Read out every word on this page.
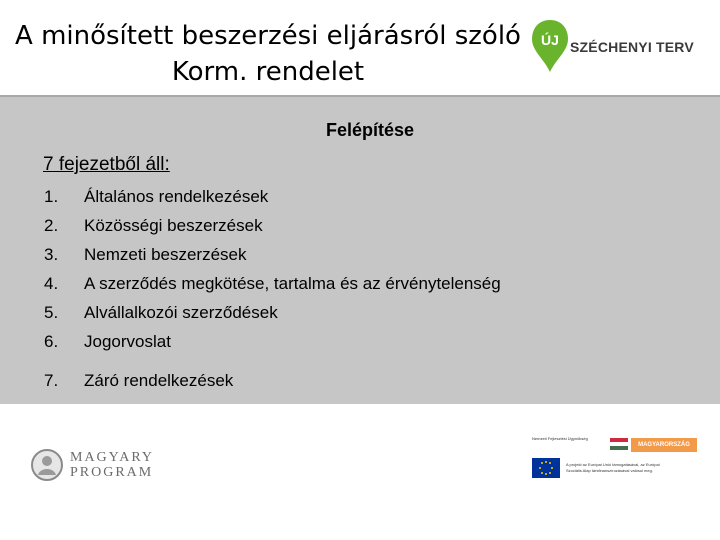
A minősített beszerzési eljárásról szóló
Korm. rendelet
ÚJ SZÉCHENYI TERV
Felépítése
7 fejezetből áll:
1. Általános rendelkezések
2. Közösségi beszerzések
3. Nemzeti beszerzések
4. A szerződés megkötése, tartalma és az érvénytelenség
5. Alvállalkozói szerződések
6. Jogorvoslat
7. Záró rendelkezések
MAGYARY
PROGRAM
Nemzeti Fejlesztési Ügynökség
MAGYARORSZÁG MEGÚJUL
A projekt az Európai Unió támogatásával, az Európai
Szociális Alap társfinanszírozásával valósul meg.
